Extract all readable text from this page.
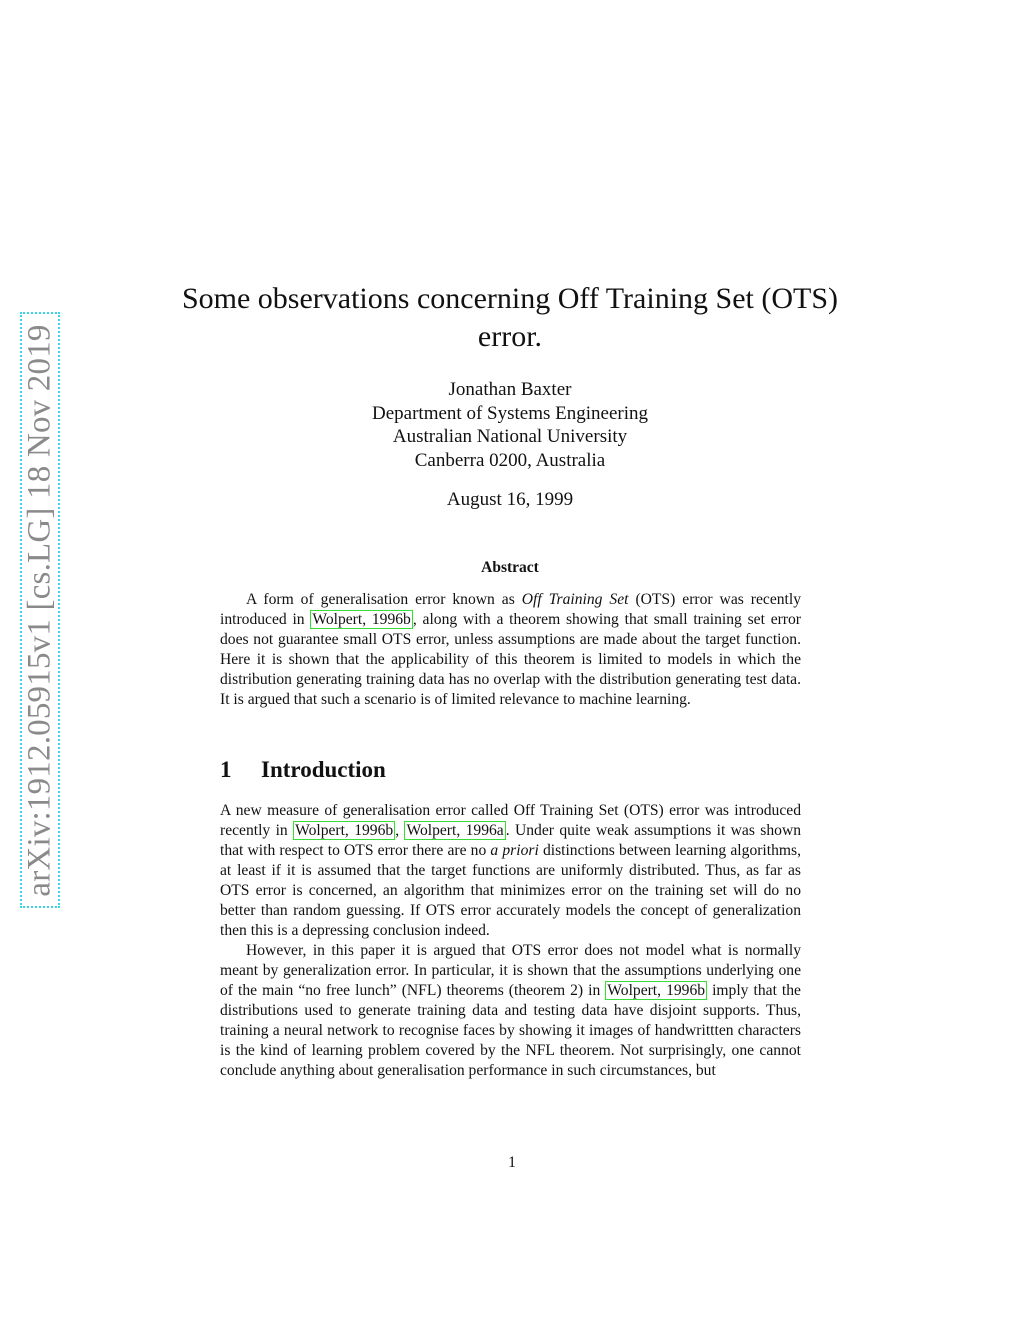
arXiv:1912.05915v1 [cs.LG] 18 Nov 2019
Some observations concerning Off Training Set (OTS)
error.
Jonathan Baxter
Department of Systems Engineering
Australian National University
Canberra 0200, Australia
August 16, 1999
Abstract

A form of generalisation error known as Off Training Set (OTS) error was recently introduced in Wolpert, 1996b , along with a theorem showing that small training set error does not guarantee small OTS error, unless assumptions are made about the target function. Here it is shown that the applicability of this theorem is limited to models in which the distribution generating training data has no overlap with the distribution generating test data. It is argued that such a scenario is of limited relevance to machine learning.

1 Introduction

A new measure of generalisation error called Off Training Set (OTS) error was introduced recently in Wolpert, 1996b , Wolpert, 1996a . Under quite weak assumptions it was shown that with respect to OTS error there are no a priori distinctions between learning algorithms, at least if it is assumed that the target functions are uniformly distributed. Thus, as far as OTS error is concerned, an algorithm that minimizes error on the training set will do no better than random guessing. If OTS error accurately models the concept of generalization then this is a depressing conclusion indeed.

However, in this paper it is argued that OTS error does not model what is normally meant by generalization error. In particular, it is shown that the assumptions underlying one of the main “no free lunch” (NFL) theorems (theorem 2) in Wolpert, 1996b imply that the distributions used to generate training data and testing data have disjoint supports. Thus, training a neural network to recognise faces by showing it images of handwrittten characters is the kind of learning problem covered by the NFL theorem. Not surprisingly, one cannot conclude anything about generalisation performance in such circumstances, but

1
